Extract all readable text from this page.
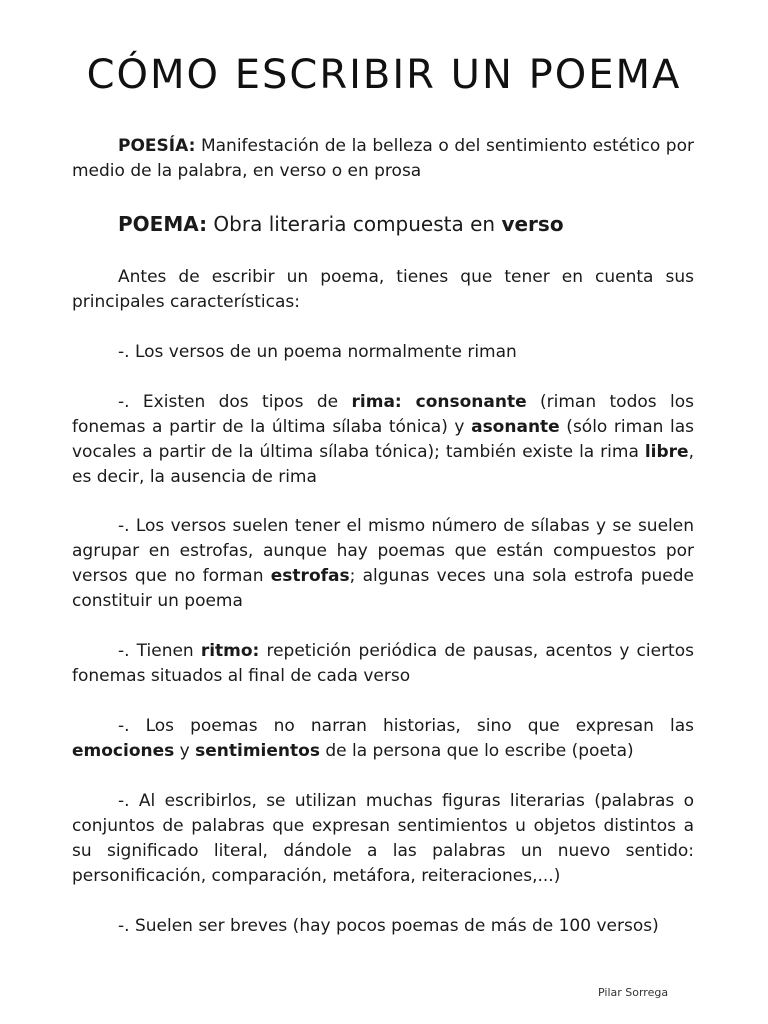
CÓMO ESCRIBIR UN POEMA

POESÍA: Manifestación de la belleza o del sentimiento estético por medio de la palabra, en verso o en prosa

POEMA: Obra literaria compuesta en verso

Antes de escribir un poema, tienes que tener en cuenta sus principales características:

-. Los versos de un poema normalmente riman

-. Existen dos tipos de rima: consonante (riman todos los fonemas a partir de la última sílaba tónica) y asonante (sólo riman las vocales a partir de la última sílaba tónica); también existe la rima libre, es decir, la ausencia de rima

-. Los versos suelen tener el mismo número de sílabas y se suelen agrupar en estrofas, aunque hay poemas que están compuestos por versos que no forman estrofas; algunas veces una sola estrofa puede constituir un poema

-. Tienen ritmo: repetición periódica de pausas, acentos y ciertos fonemas situados al final de cada verso

-. Los poemas no narran historias, sino que expresan las emociones y sentimientos de la persona que lo escribe (poeta)

-. Al escribirlos, se utilizan muchas figuras literarias (palabras o conjuntos de palabras que expresan sentimientos u objetos distintos a su significado literal, dándole a las palabras un nuevo sentido: personificación, comparación, metáfora, reiteraciones,...)

-. Suelen ser breves (hay pocos poemas de más de 100 versos)

Pilar Sorrega
